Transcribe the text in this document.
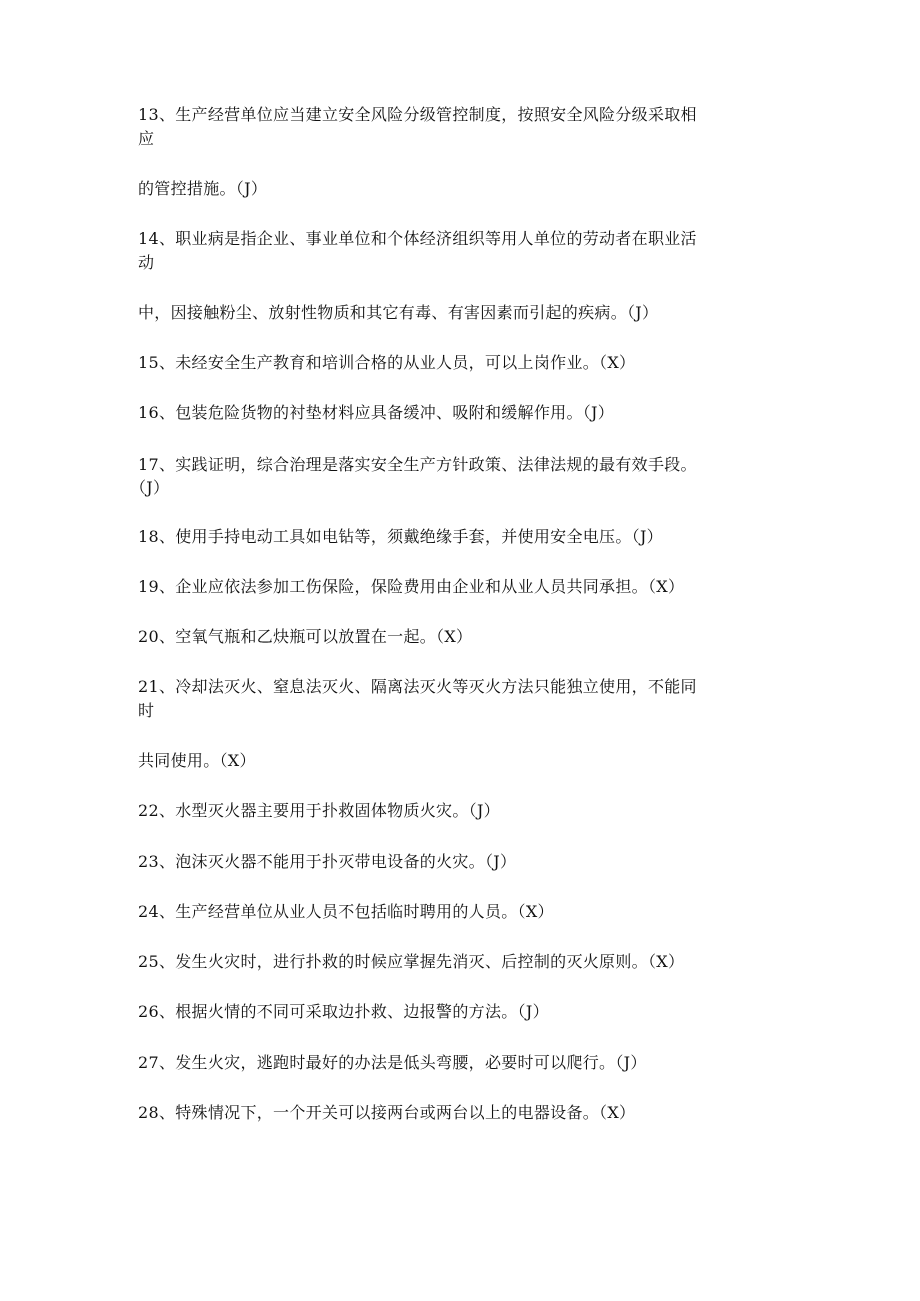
13、生产经营单位应当建立安全风险分级管控制度，按照安全风险分级采取相
应
的管控措施。（J）
14、职业病是指企业、事业单位和个体经济组织等用人单位的劳动者在职业活
动
中，因接触粉尘、放射性物质和其它有毒、有害因素而引起的疾病。（J）
15、未经安全生产教育和培训合格的从业人员，可以上岗作业。（X）
16、包装危险货物的衬垫材料应具备缓冲、吸附和缓解作用。（J）
17、实践证明，综合治理是落实安全生产方针政策、法律法规的最有效手段。
（J）
18、使用手持电动工具如电钻等，须戴绝缘手套，并使用安全电压。（J）
19、企业应依法参加工伤保险，保险费用由企业和从业人员共同承担。（X）
20、空氧气瓶和乙炔瓶可以放置在一起。（X）
21、冷却法灭火、窒息法灭火、隔离法灭火等灭火方法只能独立使用，不能同
时
共同使用。（X）
22、水型灭火器主要用于扑救固体物质火灾。（J）
23、泡沫灭火器不能用于扑灭带电设备的火灾。（J）
24、生产经营单位从业人员不包括临时聘用的人员。（X）
25、发生火灾时，进行扑救的时候应掌握先消灭、后控制的灭火原则。（X）
26、根据火情的不同可采取边扑救、边报警的方法。（J）
27、发生火灾，逃跑时最好的办法是低头弯腰，必要时可以爬行。（J）
28、特殊情况下，一个开关可以接两台或两台以上的电器设备。（X）
